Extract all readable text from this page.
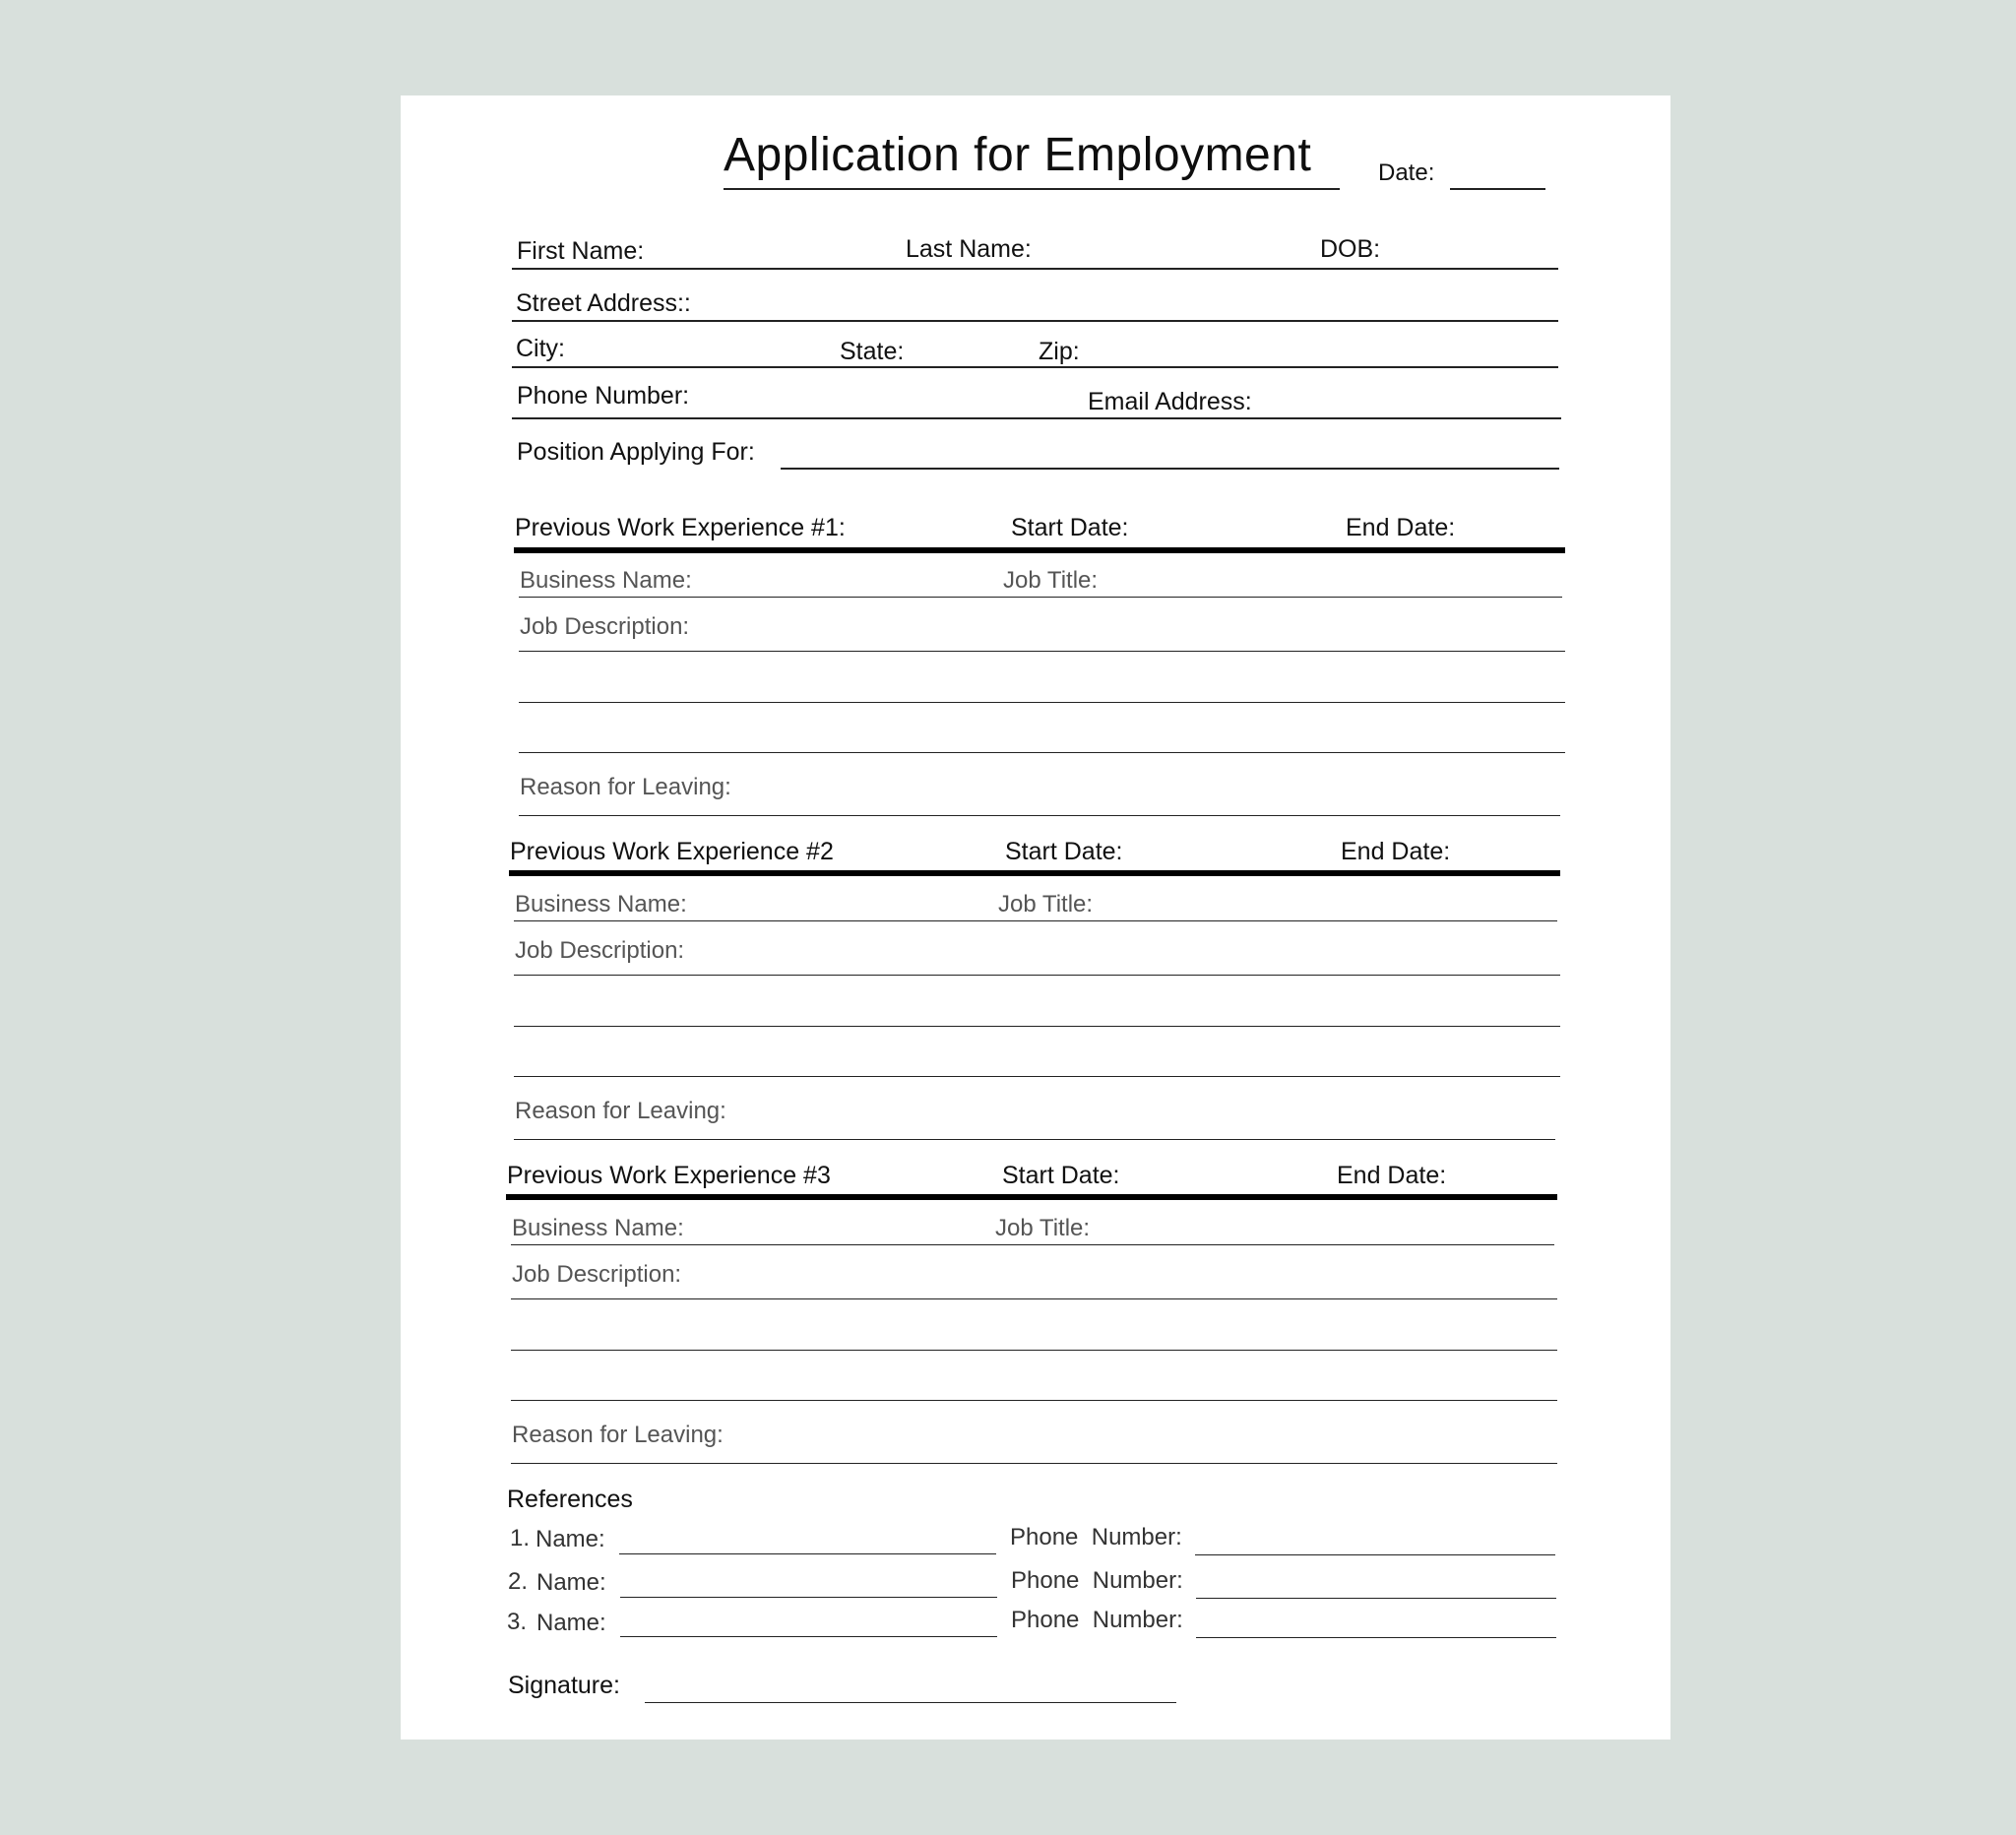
Application for Employment	Date:
First Name:	Last Name:	DOB:
Street Address::
City:	State:	Zip:
Phone Number:	Email Address:
Position Applying For:
Previous Work Experience #1:	Start Date:	End Date:
Business Name:	Job Title:
Job Description:
Reason for Leaving:
Previous Work Experience #2	Start Date:	End Date:
Business Name:	Job Title:
Job Description:
Reason for Leaving:
Previous Work Experience #3	Start Date:	End Date:
Business Name:	Job Title:
Job Description:
Reason for Leaving:
References
1. Name:	Phone  Number:
2. Name:	Phone  Number:
3. Name:	Phone  Number:
Signature:
